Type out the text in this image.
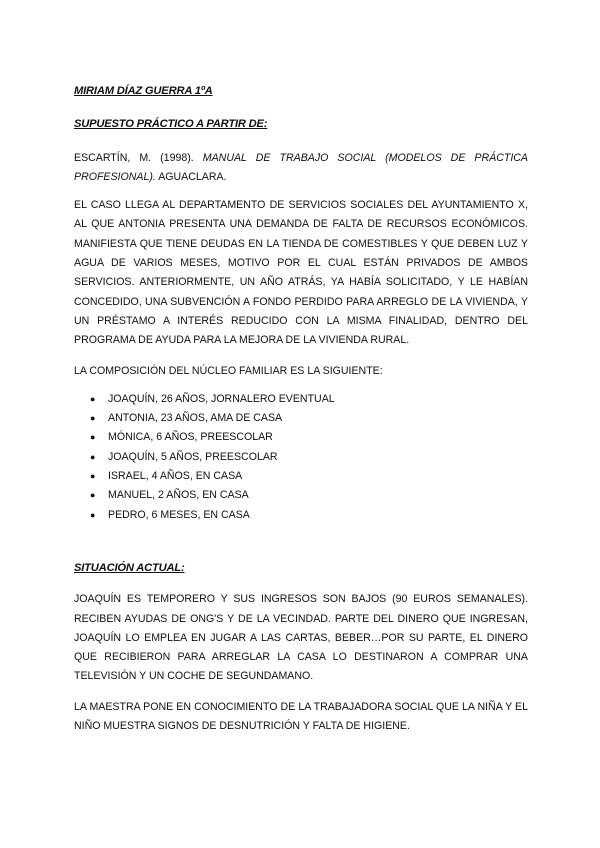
MIRIAM DÍAZ GUERRA 1ºA
SUPUESTO PRÁCTICO A PARTIR DE:

ESCARTÍN, M. (1998). MANUAL DE TRABAJO SOCIAL (MODELOS DE PRÁCTICA PROFESIONAL). AGUACLARA.

EL CASO LLEGA AL DEPARTAMENTO DE SERVICIOS SOCIALES DEL AYUNTAMIENTO X, AL QUE ANTONIA PRESENTA UNA DEMANDA DE FALTA DE RECURSOS ECONÓMICOS. MANIFIESTA QUE TIENE DEUDAS EN LA TIENDA DE COMESTIBLES Y QUE DEBEN LUZ Y AGUA DE VARIOS MESES, MOTIVO POR EL CUAL ESTÁN PRIVADOS DE AMBOS SERVICIOS. ANTERIORMENTE, UN AÑO ATRÁS, YA HABÍA SOLICITADO, Y LE HABÍAN CONCEDIDO, UNA SUBVENCIÓN A FONDO PERDIDO PARA ARREGLO DE LA VIVIENDA, Y UN PRÉSTAMO A INTERÉS REDUCIDO CON LA MISMA FINALIDAD, DENTRO DEL PROGRAMA DE AYUDA PARA LA MEJORA DE LA VIVIENDA RURAL.

LA COMPOSICIÓN DEL NÚCLEO FAMILIAR ES LA SIGUIENTE:
● JOAQUÍN, 26 AÑOS, JORNALERO EVENTUAL
● ANTONIA, 23 AÑOS, AMA DE CASA
● MÓNICA, 6 AÑOS, PREESCOLAR
● JOAQUÍN, 5 AÑOS, PREESCOLAR
● ISRAEL, 4 AÑOS, EN CASA
● MANUEL, 2 AÑOS, EN CASA
● PEDRO, 6 MESES, EN CASA
SITUACIÓN ACTUAL:

JOAQUÍN ES TEMPORERO Y SUS INGRESOS SON BAJOS (90 EUROS SEMANALES). RECIBEN AYUDAS DE ONG'S Y DE LA VECINDAD. PARTE DEL DINERO QUE INGRESAN, JOAQUÍN LO EMPLEA EN JUGAR A LAS CARTAS, BEBER…POR SU PARTE, EL DINERO QUE RECIBIERON PARA ARREGLAR LA CASA LO DESTINARON A COMPRAR UNA TELEVISIÓN Y UN COCHE DE SEGUNDAMANO.

LA MAESTRA PONE EN CONOCIMIENTO DE LA TRABAJADORA SOCIAL QUE LA NIÑA Y EL NIÑO MUESTRA SIGNOS DE DESNUTRICIÓN Y FALTA DE HIGIENE.
